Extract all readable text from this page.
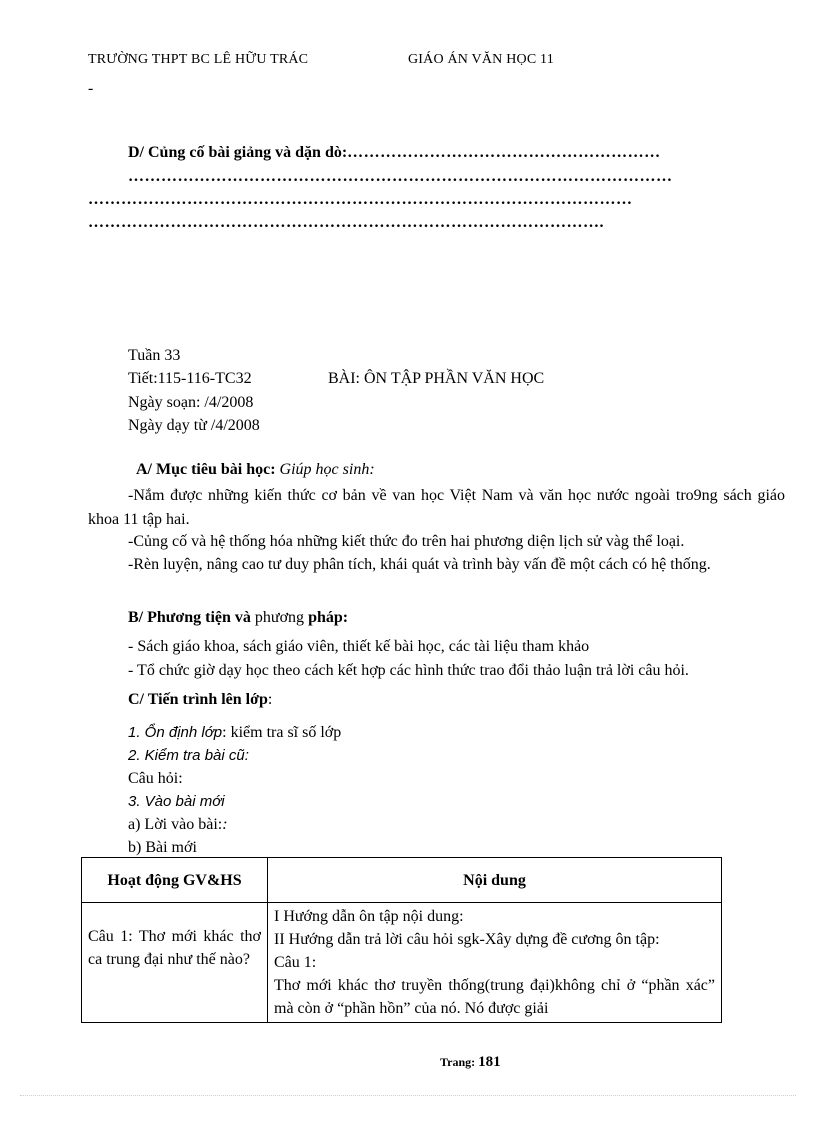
TRƯỜNG THPT BC LÊ HỮU TRÁC	GIÁO ÁN VĂN HỌC 11
-
D/ Củng cố bài giảng và dặn dò:…………………………………………………
………………………………………………………………………………………
………………………………………………………………………………………
………………………………………………………………………………….
Tuần 33
Tiết:115-116-TC32	BÀI: ÔN TẬP PHẦN VĂN HỌC
Ngày soạn: /4/2008
Ngày dạy từ /4/2008
A/ Mục tiêu bài học: Giúp học sinh:
-Nắm được những kiến thức cơ bản về van học Việt Nam và văn học nước ngoài tro9ng sách giáo khoa 11 tập hai.
-Củng cố và hệ thống hóa những kiết thức đo trên hai phương diện lịch sử vàg thể loại.
-Rèn luyện, nâng cao tư duy phân tích, khái quát và trình bày vấn đề một cách có hệ thống.
B/ Phương tiện và phương pháp:
- Sách giáo khoa, sách giáo viên, thiết kế bài học, các tài liệu tham khảo
- Tổ chức giờ dạy học theo cách kết hợp các hình thức trao đổi thảo luận trả lời câu hỏi.
C/ Tiến trình lên lớp:
1. Ổn định lớp: kiểm tra sĩ số lớp
2. Kiểm tra bài cũ:
Câu hỏi:
3. Vào bài mới
a) Lời vào bài::
b) Bài mới
Hoạt động GV&HS	Nội dung
Câu 1: Thơ mới khác thơ ca trung đại như thế nào?	I Hướng dẫn ôn tập nội dung:
II Hướng dẫn trả lời câu hỏi sgk-Xây dựng đề cương ôn tập:
Câu 1:
Thơ mới khác thơ truyền thống(trung đại)không chỉ ở “phần xác” mà còn ở “phần hồn” của nó. Nó được giải
Trang: 181
